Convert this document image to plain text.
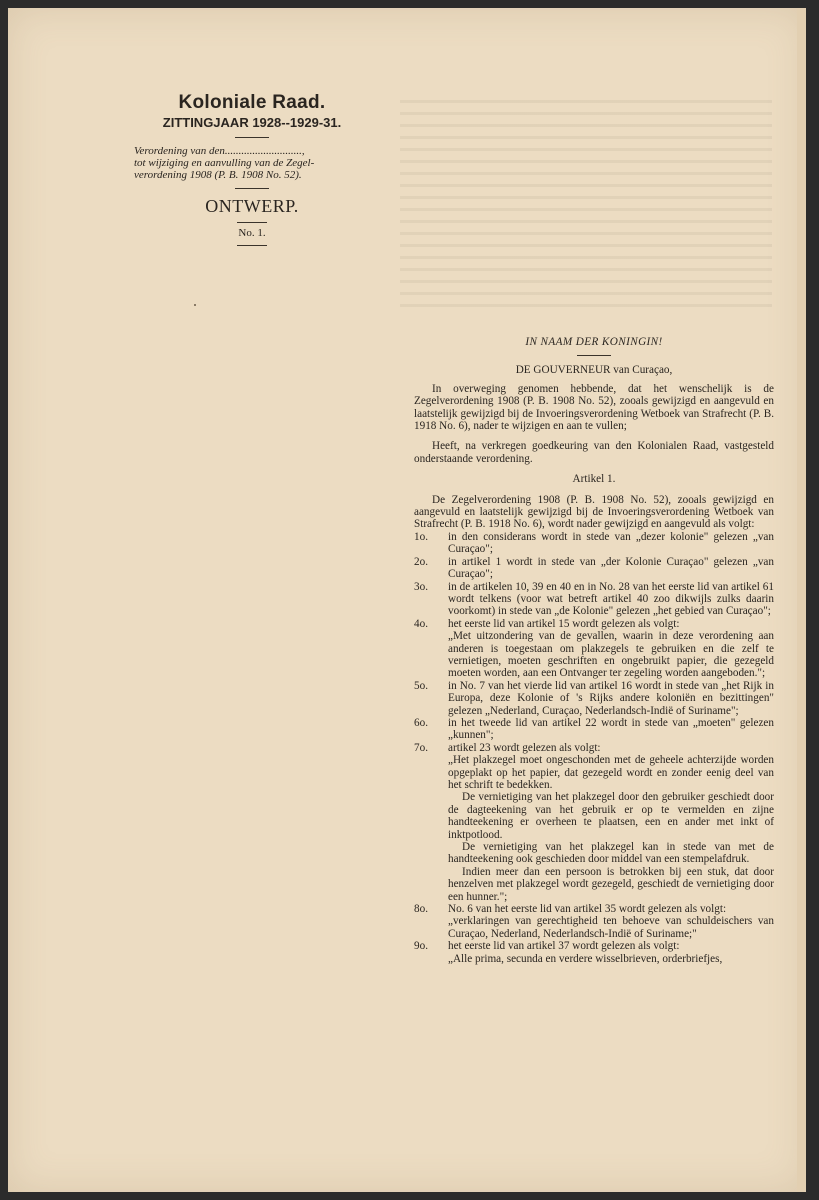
Koloniale Raad.
ZITTINGJAAR 1928--1929-31.
Verordening van den............................,
tot wijziging en aanvulling van de Zegel-
verordening 1908 (P. B. 1908 No. 52).
ONTWERP.
No. 1.
IN NAAM DER KONINGIN!
DE GOUVERNEUR van Curaçao,

In overweging genomen hebbende, dat het wenschelijk is de Zegelverordening 1908 (P. B. 1908 No. 52), zooals gewijzigd en aangevuld en laatstelijk gewijzigd bij de Invoeringsverordening Wetboek van Strafrecht (P. B. 1918 No. 6), nader te wijzigen en aan te vullen;

Heeft, na verkregen goedkeuring van den Kolonialen Raad, vastgesteld onderstaande verordening.

Artikel 1.

De Zegelverordening 1908 (P. B. 1908 No. 52), zooals gewijzigd en aangevuld en laatstelijk gewijzigd bij de Invoeringsverordening Wetboek van Strafrecht (P. B. 1918 No. 6), wordt nader gewijzigd en aangevuld als volgt:

1o.	in den considerans wordt in stede van „dezer kolonie" gelezen „van Curaçao";
2o.	in artikel 1 wordt in stede van „der Kolonie Curaçao" gelezen „van Curaçao";
3o.	in de artikelen 10, 39 en 40 en in No. 28 van het eerste lid van artikel 61 wordt telkens (voor wat betreft artikel 40 zoo dikwijls zulks daarin voorkomt) in stede van „de Kolonie" gelezen „het gebied van Curaçao";
4o.	het eerste lid van artikel 15 wordt gelezen als volgt:
„Met uitzondering van de gevallen, waarin in deze verordening aan anderen is toegestaan om plakzegels te gebruiken en die zelf te vernietigen, moeten geschriften en ongebruikt papier, die gezegeld moeten worden, aan een Ontvanger ter zegeling worden aangeboden.";
5o.	in No. 7 van het vierde lid van artikel 16 wordt in stede van „het Rijk in Europa, deze Kolonie of 's Rijks andere koloniën en bezittingen" gelezen „Nederland, Curaçao, Nederlandsch-Indië of Suriname";
6o.	in het tweede lid van artikel 22 wordt in stede van „moeten" gelezen „kunnen";
7o.	artikel 23 wordt gelezen als volgt:
„Het plakzegel moet ongeschonden met de geheele achterzijde worden opgeplakt op het papier, dat gezegeld wordt en zonder eenig deel van het schrift te bedekken.
De vernietiging van het plakzegel door den gebruiker geschiedt door de dagteekening van het gebruik er op te vermelden en zijne handteekening er overheen te plaatsen, een en ander met inkt of inktpotlood.
De vernietiging van het plakzegel kan in stede van met de handteekening ook geschieden door middel van een stempelafdruk.
Indien meer dan een persoon is betrokken bij een stuk, dat door henzelven met plakzegel wordt gezegeld, geschiedt de vernietiging door een hunner.";
8o.	No. 6 van het eerste lid van artikel 35 wordt gelezen als volgt:
„verklaringen van gerechtigheid ten behoeve van schuldeischers van Curaçao, Nederland, Nederlandsch-Indië of Suriname;"
9o.	het eerste lid van artikel 37 wordt gelezen als volgt:
„Alle prima, secunda en verdere wisselbrieven, orderbriefjes,
